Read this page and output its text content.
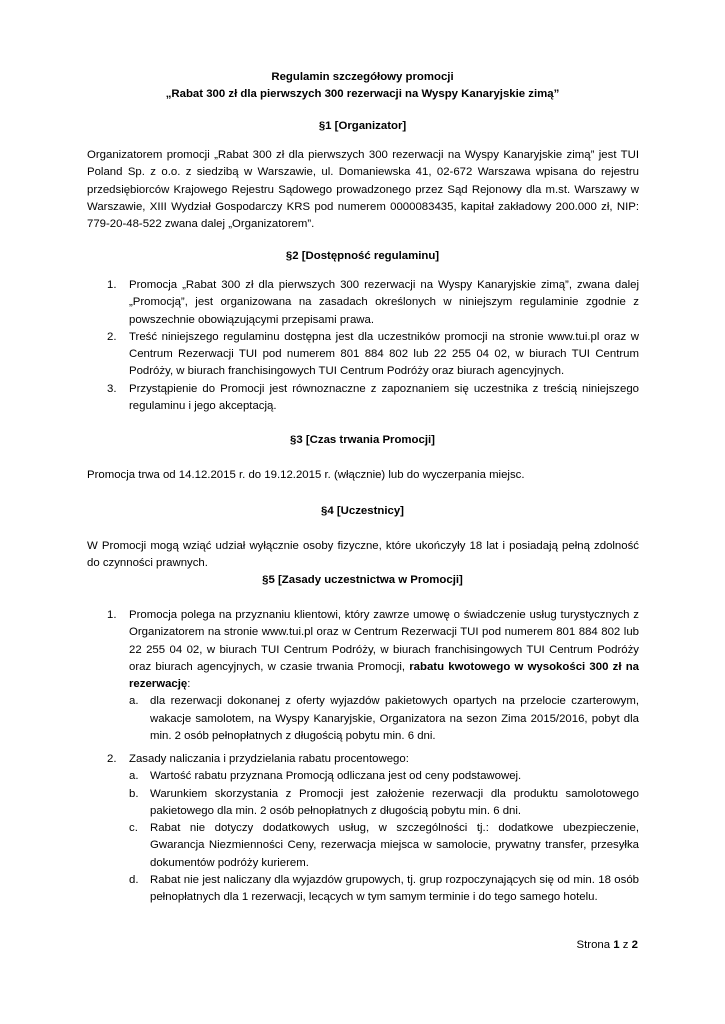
Regulamin szczegółowy promocji
„Rabat 300 zł dla pierwszych 300 rezerwacji na Wyspy Kanaryjskie zimą”
§1 [Organizator]
Organizatorem promocji „Rabat 300 zł dla pierwszych 300 rezerwacji na Wyspy Kanaryjskie zimą” jest TUI Poland Sp. z o.o. z siedzibą w Warszawie, ul. Domaniewska 41, 02-672 Warszawa wpisana do rejestru przedsiębiorców Krajowego Rejestru Sądowego prowadzonego przez Sąd Rejonowy dla m.st. Warszawy w Warszawie, XIII Wydział Gospodarczy KRS pod numerem 0000083435, kapitał zakładowy 200.000 zł, NIP: 779-20-48-522 zwana dalej „Organizatorem”.
§2 [Dostępność regulaminu]
1. Promocja „Rabat 300 zł dla pierwszych 300 rezerwacji na Wyspy Kanaryjskie zimą”, zwana dalej „Promocją”, jest organizowana na zasadach określonych w niniejszym regulaminie zgodnie z powszechnie obowiązującymi przepisami prawa.
2. Treść niniejszego regulaminu dostępna jest dla uczestników promocji na stronie www.tui.pl oraz w Centrum Rezerwacji TUI pod numerem 801 884 802 lub 22 255 04 02, w biurach TUI Centrum Podróży, w biurach franchisingowych TUI Centrum Podróży oraz biurach agencyjnych.
3. Przystąpienie do Promocji jest równoznaczne z zapoznaniem się uczestnika z treścią niniejszego regulaminu i jego akceptacją.
§3 [Czas trwania Promocji]
Promocja trwa od 14.12.2015 r. do 19.12.2015 r. (włącznie) lub do wyczerpania miejsc.
§4 [Uczestnicy]
W Promocji mogą wziąć udział wyłącznie osoby fizyczne, które ukończyły 18 lat i posiadają pełną zdolność do czynności prawnych.
§5 [Zasady uczestnictwa w Promocji]
1. Promocja polega na przyznaniu klientowi, który zawrze umowę o świadczenie usług turystycznych z Organizatorem na stronie www.tui.pl oraz w Centrum Rezerwacji TUI pod numerem 801 884 802 lub 22 255 04 02, w biurach TUI Centrum Podróży, w biurach franchisingowych TUI Centrum Podróży oraz biurach agencyjnych, w czasie trwania Promocji, rabatu kwotowego w wysokości 300 zł na rezerwację:
a. dla rezerwacji dokonanej z oferty wyjazdów pakietowych opartych na przelocie czarterowym, wakacje samolotem, na Wyspy Kanaryjskie, Organizatora na sezon Zima 2015/2016, pobyt dla min. 2 osób pełnopłatnych z długością pobytu min. 6 dni.
2. Zasady naliczania i przydzielania rabatu procentowego:
a. Wartość rabatu przyznana Promocją odliczana jest od ceny podstawowej.
b. Warunkiem skorzystania z Promocji jest założenie rezerwacji dla produktu samolotowego pakietowego dla min. 2 osób pełnopłatnych z długością pobytu min. 6 dni.
c. Rabat nie dotyczy dodatkowych usług, w szczególności tj.: dodatkowe ubezpieczenie, Gwarancja Niezmienności Ceny, rezerwacja miejsca w samolocie, prywatny transfer, przesyłka dokumentów podróży kurierem.
d. Rabat nie jest naliczany dla wyjazdów grupowych, tj. grup rozpoczynających się od min. 18 osób pełnopłatnych dla 1 rezerwacji, lecących w tym samym terminie i do tego samego hotelu.
Strona 1 z 2
